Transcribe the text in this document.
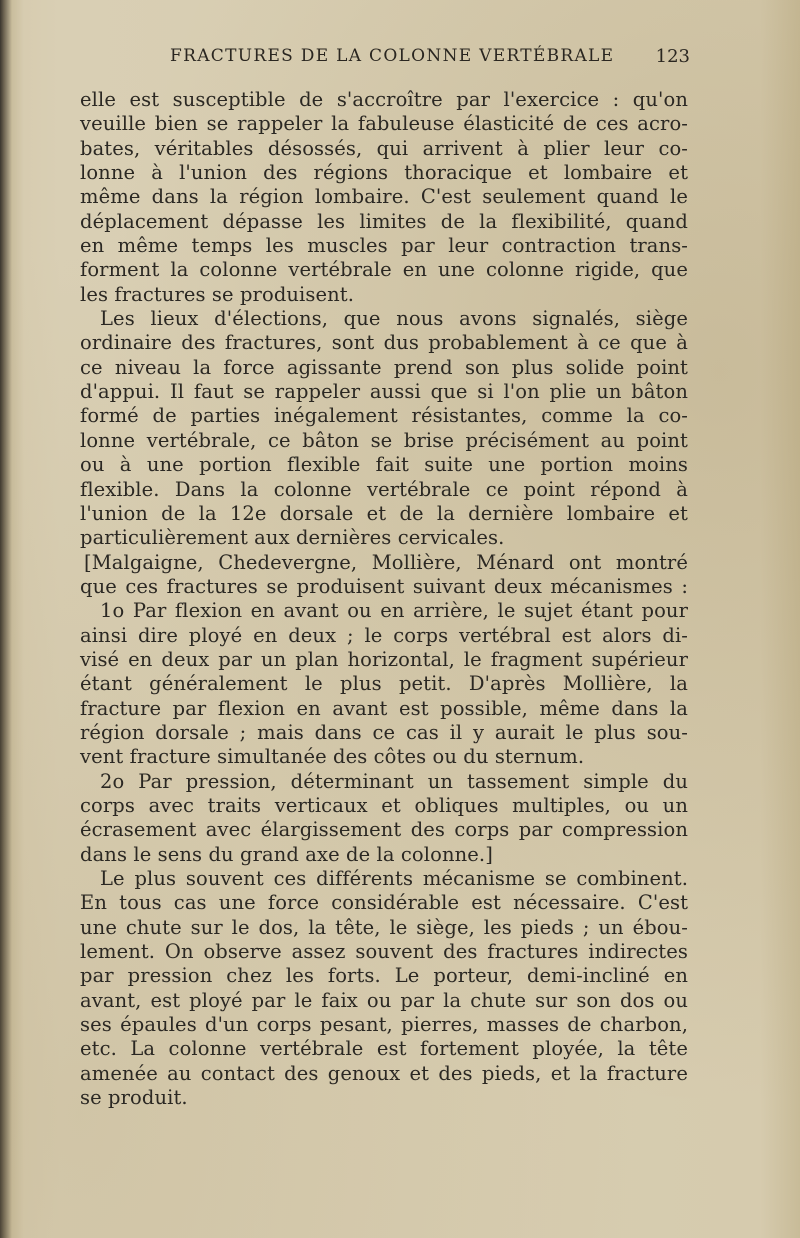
FRACTURES DE LA COLONNE VERTÉBRALE 123
elle est susceptible de s'accroître par l'exercice : qu'on
veuille bien se rappeler la fabuleuse élasticité de ces acro-
bates, véritables désossés, qui arrivent à plier leur co-
lonne à l'union des régions thoracique et lombaire et
même dans la région lombaire. C'est seulement quand le
déplacement dépasse les limites de la flexibilité, quand
en même temps les muscles par leur contraction trans-
forment la colonne vertébrale en une colonne rigide, que
les fractures se produisent.
Les lieux d'élections, que nous avons signalés, siège
ordinaire des fractures, sont dus probablement à ce que à
ce niveau la force agissante prend son plus solide point
d'appui. Il faut se rappeler aussi que si l'on plie un bâton
formé de parties inégalement résistantes, comme la co-
lonne vertébrale, ce bâton se brise précisément au point
ou à une portion flexible fait suite une portion moins
flexible. Dans la colonne vertébrale ce point répond à
l'union de la 12e dorsale et de la dernière lombaire et
particulièrement aux dernières cervicales.
[Malgaigne, Chedevergne, Mollière, Ménard ont montré
que ces fractures se produisent suivant deux mécanismes :
1o Par flexion en avant ou en arrière, le sujet étant pour
ainsi dire ployé en deux ; le corps vertébral est alors di-
visé en deux par un plan horizontal, le fragment supérieur
étant généralement le plus petit. D'après Mollière, la
fracture par flexion en avant est possible, même dans la
région dorsale ; mais dans ce cas il y aurait le plus sou-
vent fracture simultanée des côtes ou du sternum.
2o Par pression, déterminant un tassement simple du
corps avec traits verticaux et obliques multiples, ou un
écrasement avec élargissement des corps par compression
dans le sens du grand axe de la colonne.]
Le plus souvent ces différents mécanisme se combinent.
En tous cas une force considérable est nécessaire. C'est
une chute sur le dos, la tête, le siège, les pieds ; un ébou-
lement. On observe assez souvent des fractures indirectes
par pression chez les forts. Le porteur, demi-incliné en
avant, est ployé par le faix ou par la chute sur son dos ou
ses épaules d'un corps pesant, pierres, masses de charbon,
etc. La colonne vertébrale est fortement ployée, la tête
amenée au contact des genoux et des pieds, et la fracture
se produit.
